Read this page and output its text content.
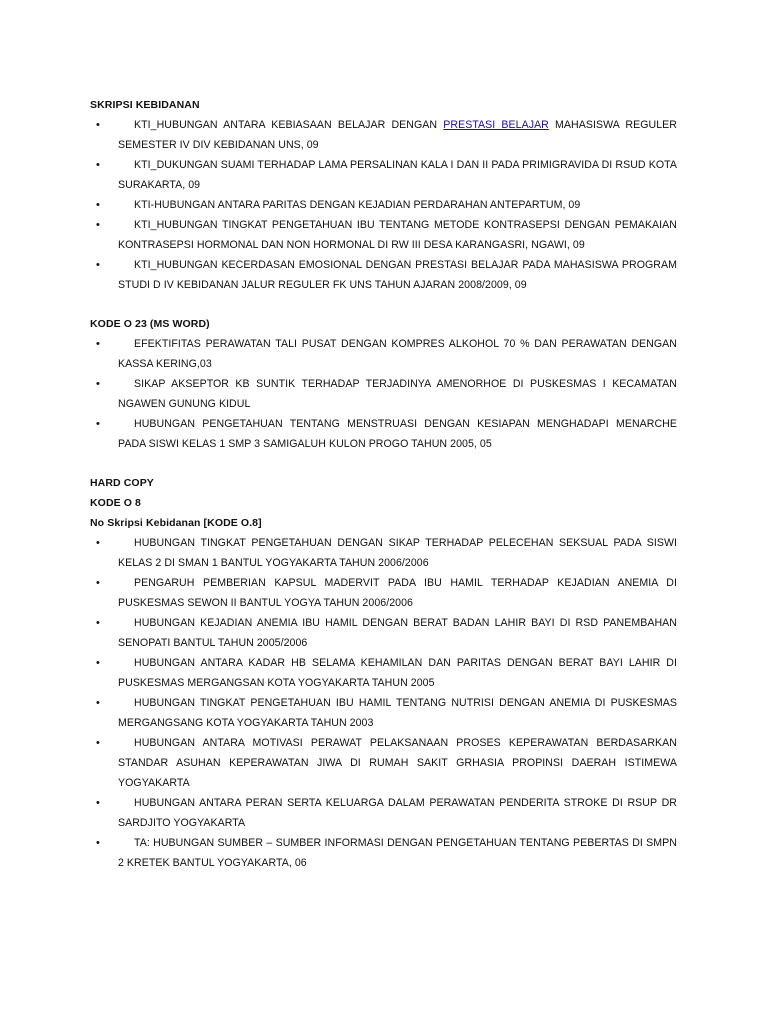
SKRIPSI KEBIDANAN

•	KTI_HUBUNGAN ANTARA KEBIASAAN BELAJAR DENGAN PRESTASI BELAJAR MAHASISWA REGULER SEMESTER IV DIV KEBIDANAN UNS, 09
•	KTI_DUKUNGAN SUAMI TERHADAP LAMA PERSALINAN KALA I DAN II PADA PRIMIGRAVIDA DI RSUD KOTA SURAKARTA, 09
•	KTI-HUBUNGAN ANTARA PARITAS DENGAN KEJADIAN PERDARAHAN ANTEPARTUM, 09
•	KTI_HUBUNGAN TINGKAT PENGETAHUAN IBU TENTANG METODE KONTRASEPSI DENGAN PEMAKAIAN KONTRASEPSI HORMONAL DAN NON HORMONAL DI RW III DESA KARANGASRI, NGAWI, 09
•	KTI_HUBUNGAN KECERDASAN EMOSIONAL DENGAN PRESTASI BELAJAR PADA MAHASISWA PROGRAM STUDI D IV KEBIDANAN JALUR REGULER FK UNS TAHUN AJARAN 2008/2009, 09

KODE O 23 (MS WORD)

•	EFEKTIFITAS PERAWATAN TALI PUSAT DENGAN KOMPRES ALKOHOL 70 % DAN PERAWATAN DENGAN KASSA KERING,03
•	SIKAP AKSEPTOR KB SUNTIK TERHADAP TERJADINYA AMENORHOE DI PUSKESMAS I KECAMATAN NGAWEN GUNUNG KIDUL
•	HUBUNGAN PENGETAHUAN TENTANG MENSTRUASI DENGAN KESIAPAN MENGHADAPI MENARCHE PADA SISWI KELAS 1 SMP 3 SAMIGALUH KULON PROGO TAHUN 2005, 05

HARD COPY

KODE O 8

No Skripsi Kebidanan [KODE O.8]

•	HUBUNGAN TINGKAT PENGETAHUAN DENGAN SIKAP TERHADAP PELECEHAN SEKSUAL PADA SISWI KELAS 2 DI SMAN 1 BANTUL YOGYAKARTA TAHUN 2006/2006
•	PENGARUH PEMBERIAN KAPSUL MADERVIT PADA IBU HAMIL TERHADAP KEJADIAN ANEMIA DI PUSKESMAS SEWON II BANTUL YOGYA TAHUN 2006/2006
•	HUBUNGAN KEJADIAN ANEMIA IBU HAMIL DENGAN BERAT BADAN LAHIR BAYI DI RSD PANEMBAHAN SENOPATI BANTUL TAHUN 2005/2006
•	HUBUNGAN ANTARA KADAR HB SELAMA KEHAMILAN DAN PARITAS DENGAN BERAT BAYI LAHIR DI PUSKESMAS MERGANGSAN KOTA YOGYAKARTA TAHUN 2005
•	HUBUNGAN TINGKAT PENGETAHUAN IBU HAMIL TENTANG NUTRISI DENGAN ANEMIA DI PUSKESMAS MERGANGSANG KOTA YOGYAKARTA TAHUN 2003
•	HUBUNGAN ANTARA MOTIVASI PERAWAT PELAKSANAAN PROSES KEPERAWATAN BERDASARKAN STANDAR ASUHAN KEPERAWATAN JIWA DI RUMAH SAKIT GRHASIA PROPINSI DAERAH ISTIMEWA YOGYAKARTA
•	HUBUNGAN ANTARA PERAN SERTA KELUARGA DALAM PERAWATAN PENDERITA STROKE DI RSUP DR SARDJITO YOGYAKARTA
•	TA: HUBUNGAN SUMBER – SUMBER INFORMASI DENGAN PENGETAHUAN TENTANG PEBERTAS DI SMPN 2 KRETEK BANTUL YOGYAKARTA, 06
